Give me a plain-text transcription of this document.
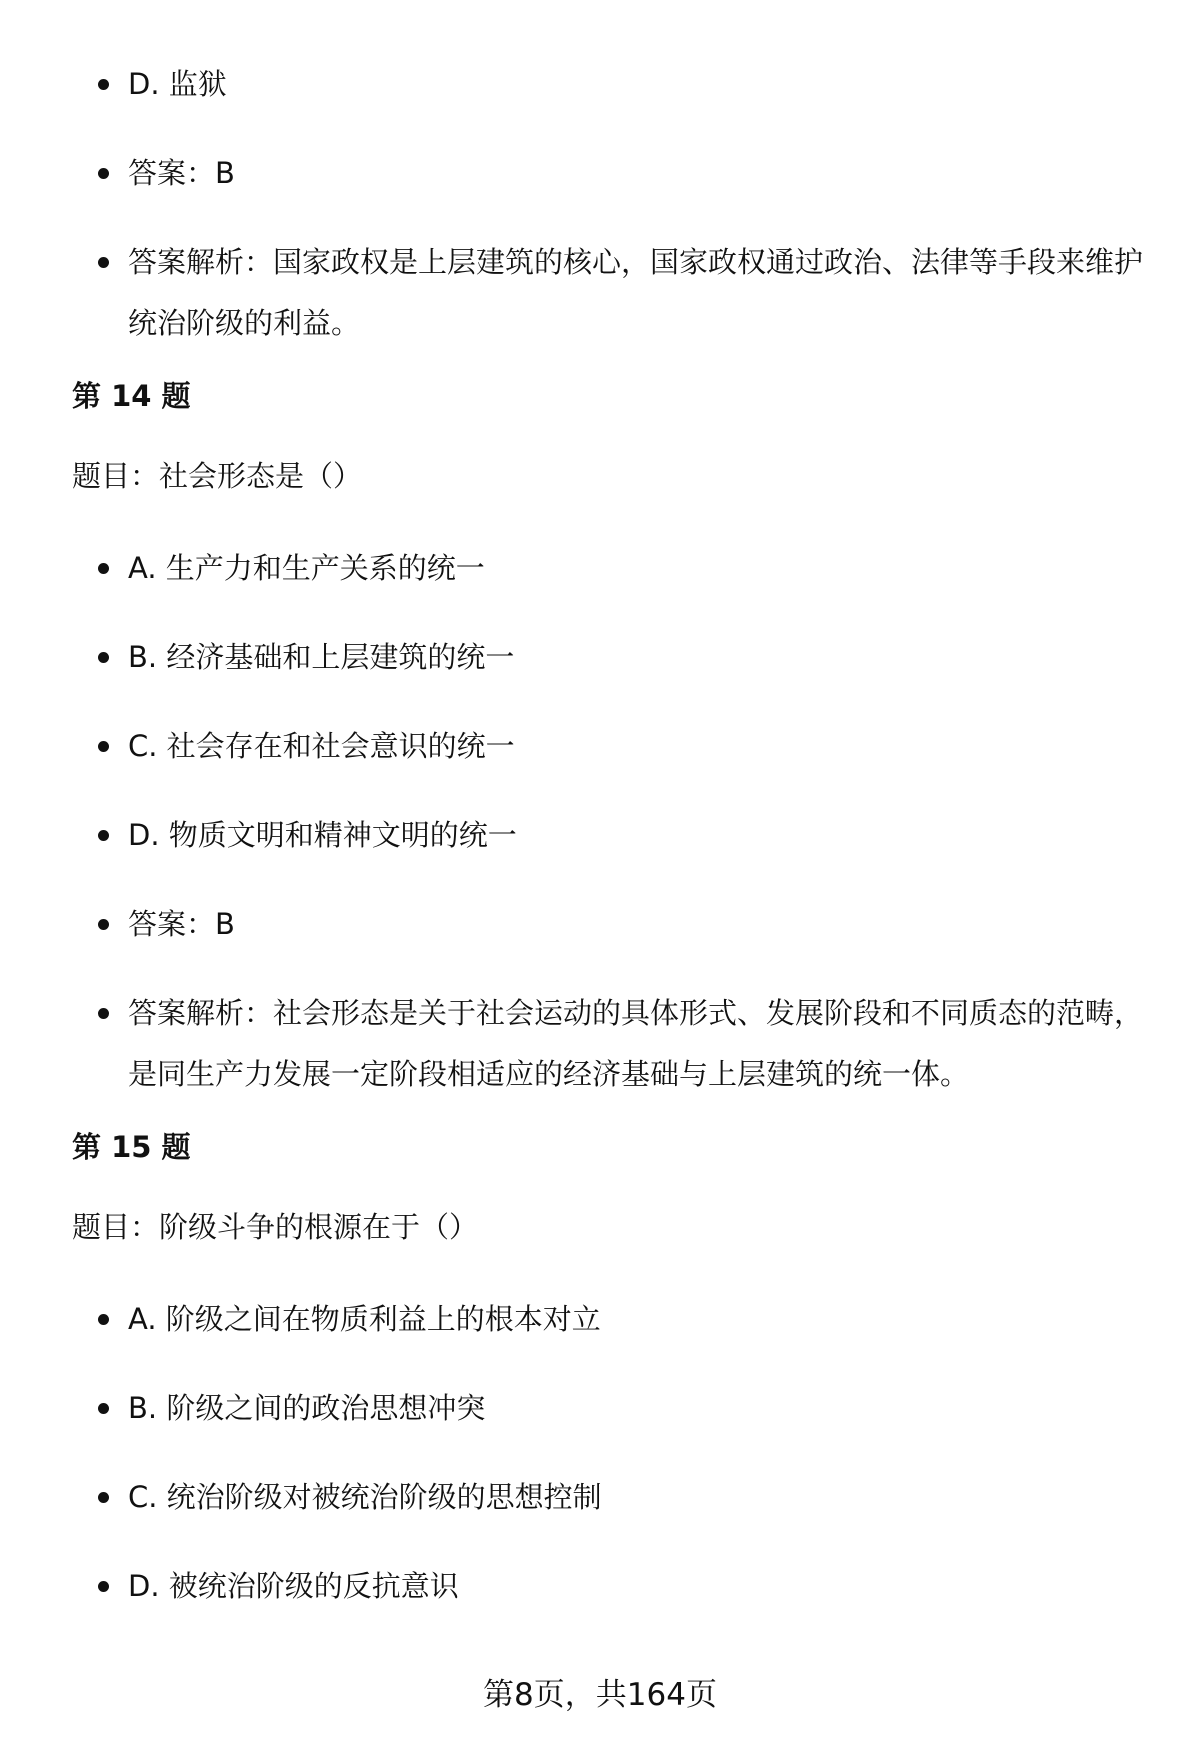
D. 监狱
答案：B
答案解析：国家政权是上层建筑的核心，国家政权通过政治、法律等手段来维护统治阶级的利益。
第 14 题
题目：社会形态是（）
A. 生产力和生产关系的统一
B. 经济基础和上层建筑的统一
C. 社会存在和社会意识的统一
D. 物质文明和精神文明的统一
答案：B
答案解析：社会形态是关于社会运动的具体形式、发展阶段和不同质态的范畴，是同生产力发展一定阶段相适应的经济基础与上层建筑的统一体。
第 15 题
题目：阶级斗争的根源在于（）
A. 阶级之间在物质利益上的根本对立
B. 阶级之间的政治思想冲突
C. 统治阶级对被统治阶级的思想控制
D. 被统治阶级的反抗意识
第8页，共164页
